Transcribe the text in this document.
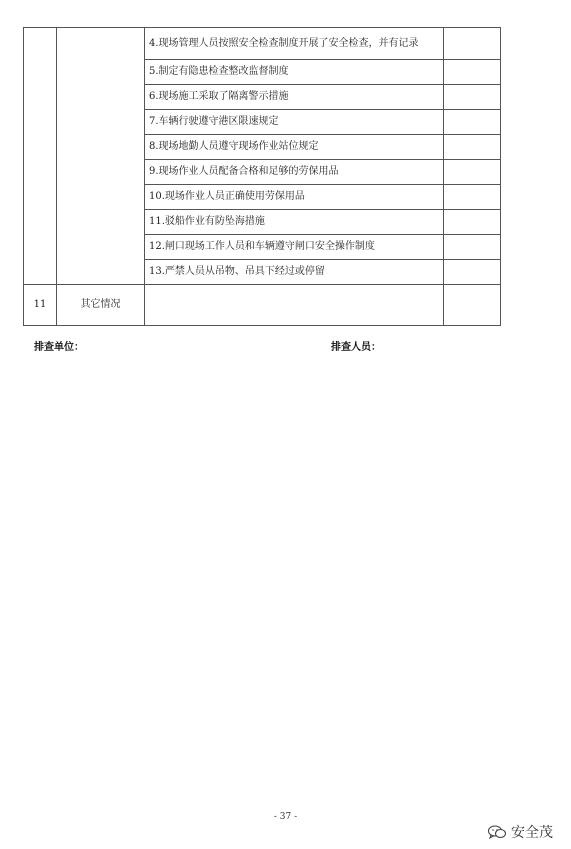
		4.现场管理人员按照安全检查制度开展了安全检查，并有记录	
		5.制定有隐患检查整改监督制度	
		6.现场施工采取了隔离警示措施	
		7.车辆行驶遵守港区限速规定	
		8.现场地勤人员遵守现场作业站位规定	
		9.现场作业人员配备合格和足够的劳保用品	
		10.现场作业人员正确使用劳保用品	
		11.驳船作业有防坠海措施	
		12.闸口现场工作人员和车辆遵守闸口安全操作制度	
		13.严禁人员从吊物、吊具下经过或停留	
11	其它情况		
排查单位：	排查人员：
- 37 -
安全茂
